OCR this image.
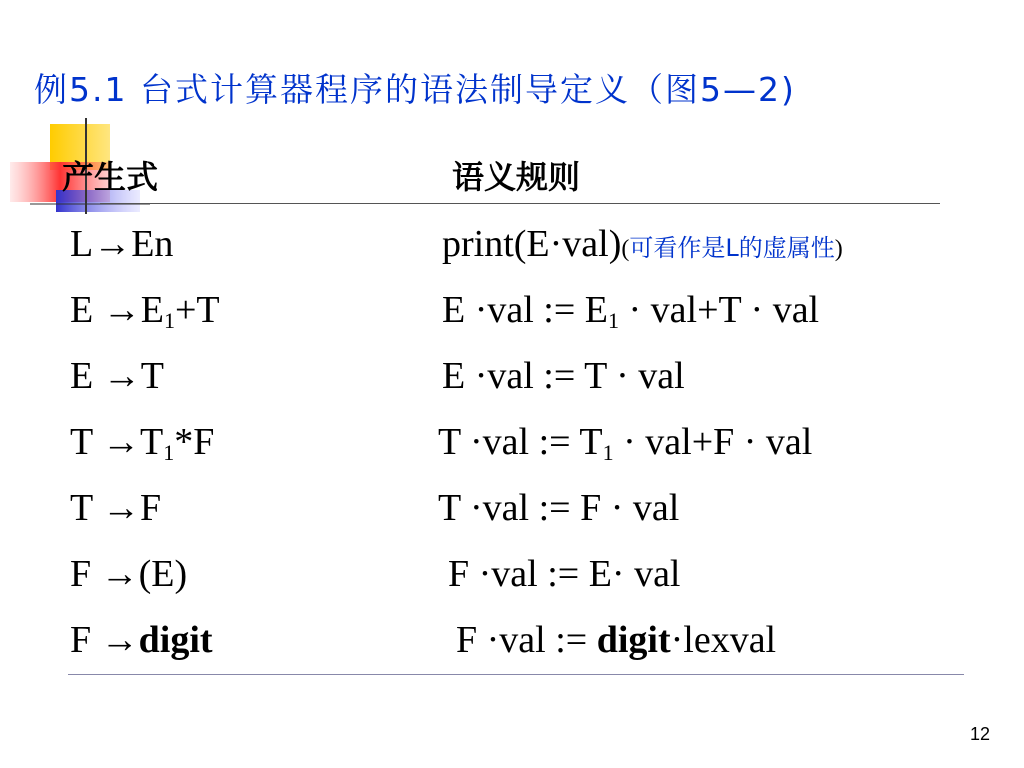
例5.1 台式计算器程序的语法制导定义（图5—2)
产生式	语义规则
L→En	print(E·val)(可看作是L的虚属性)
$E \to E_1+T$	E ·val := $E_1 \cdot val+T$ · val
E →T	E ·val := T · val
$T \to T_1*F$	T ·val := $T_1 \cdot val+F$ · val
T →F	T ·val := F · val
F →(E)	F ·val := E· val
F →digit	F ·val := digit·lexval
12
